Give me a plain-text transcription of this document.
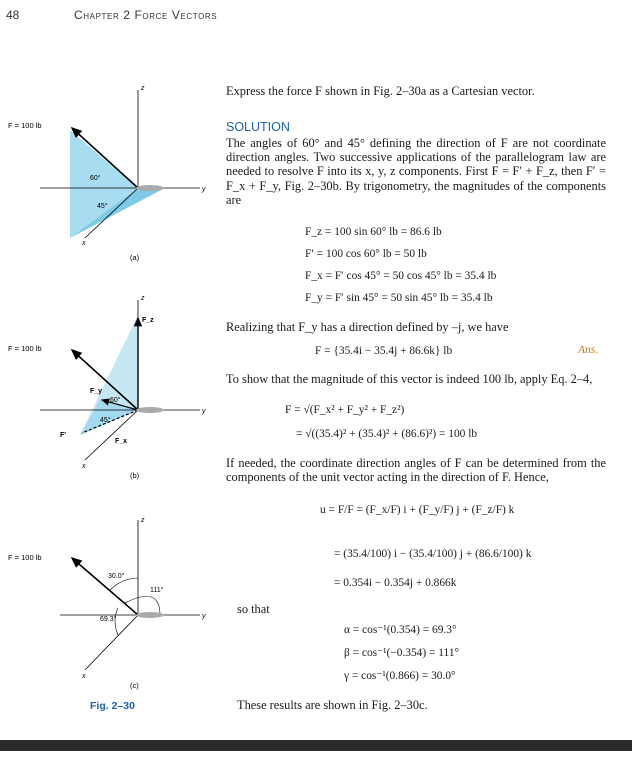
48	Chapter 2 Force Vectors
F = 100 lb
60°
45°
z
y
x
(a)
F = 100 lb
F_z
F_y
60°
45°
F′
F_x
z
y
x
(b)
F = 100 lb
30.0°
111°
69.3°
z
y
x
(c)
Fig. 2–30
Express the force F shown in Fig. 2–30a as a Cartesian vector.
SOLUTION
The angles of 60° and 45° defining the direction of F are not coordinate direction angles. Two successive applications of the parallelogram law are needed to resolve F into its x, y, z components. First F = F′ + F_z, then F′ = F_x + F_y, Fig. 2–30b. By trigonometry, the magnitudes of the components are
F_z = 100 sin 60° lb = 86.6 lb
F′ = 100 cos 60° lb = 50 lb
F_x = F′ cos 45° = 50 cos 45° lb = 35.4 lb
F_y = F′ sin 45° = 50 sin 45° lb = 35.4 lb
Realizing that F_y has a direction defined by –j, we have
F = {35.4i − 35.4j + 86.6k} lb	Ans.
To show that the magnitude of this vector is indeed 100 lb, apply Eq. 2–4,
F = √(F_x² + F_y² + F_z²)
= √((35.4)² + (35.4)² + (86.6)²) = 100 lb
If needed, the coordinate direction angles of F can be determined from the components of the unit vector acting in the direction of F. Hence,
u = F/F = (F_x/F) i + (F_y/F) j + (F_z/F) k
= (35.4/100) i − (35.4/100) j + (86.6/100) k
= 0.354i − 0.354j + 0.866k
so that
α = cos⁻¹(0.354) = 69.3°
β = cos⁻¹(−0.354) = 111°
γ = cos⁻¹(0.866) = 30.0°
These results are shown in Fig. 2–30c.
